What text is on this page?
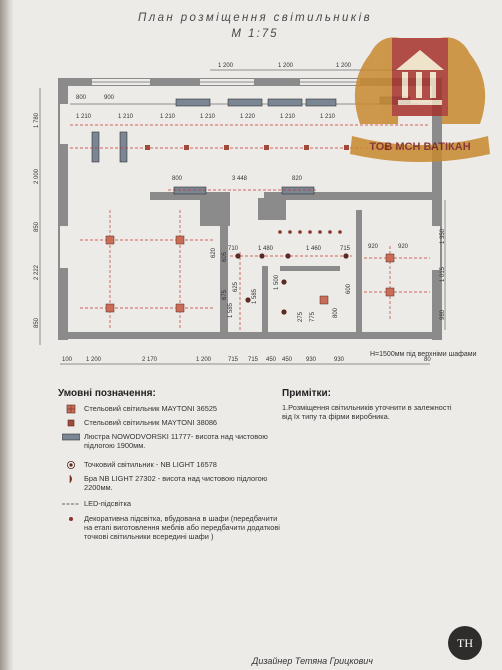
План розміщення світильників
М 1:75
1 200	1 200	1 200
800	900
1 210	1 210	1 210	1 210	1 220	1 210	1 210
800	3 448	820
710	1 480	1 460	715	920	920
100 1 200	2 170	1 200	715 715 450 450 930	930	80
1 780
2 000
850
2 222
850
1 350
1 015
980
620
625
1 585
1 585
1 500
275 775	800
600
605
675
H=1500мм під верхніми шафами
ТОВ МСН ВАТІКАН
Умовні позначення:
Стельовий світильник MAYTONI 36525
Стельовий світильник MAYTONI 38086
Люстра NOWODVORSKI 11777- висота над чистовою підлогою 1900мм.
Точковий світильник - NB LIGHT 16578
Бра NB LIGHT 27302 - висота над чистовою підлогою 2200мм.
LED-підсвітка
Декоративна підсвітка, вбудована в шафи (передбачити на етапі виготовлення меблів або передбачити додаткові точкові світильники всередині шафи )
Примітки:
1.Розміщення світильників уточнити в залежності від їх типу та фірми виробника.
TH
Дизайнер Тетяна Грицкович
